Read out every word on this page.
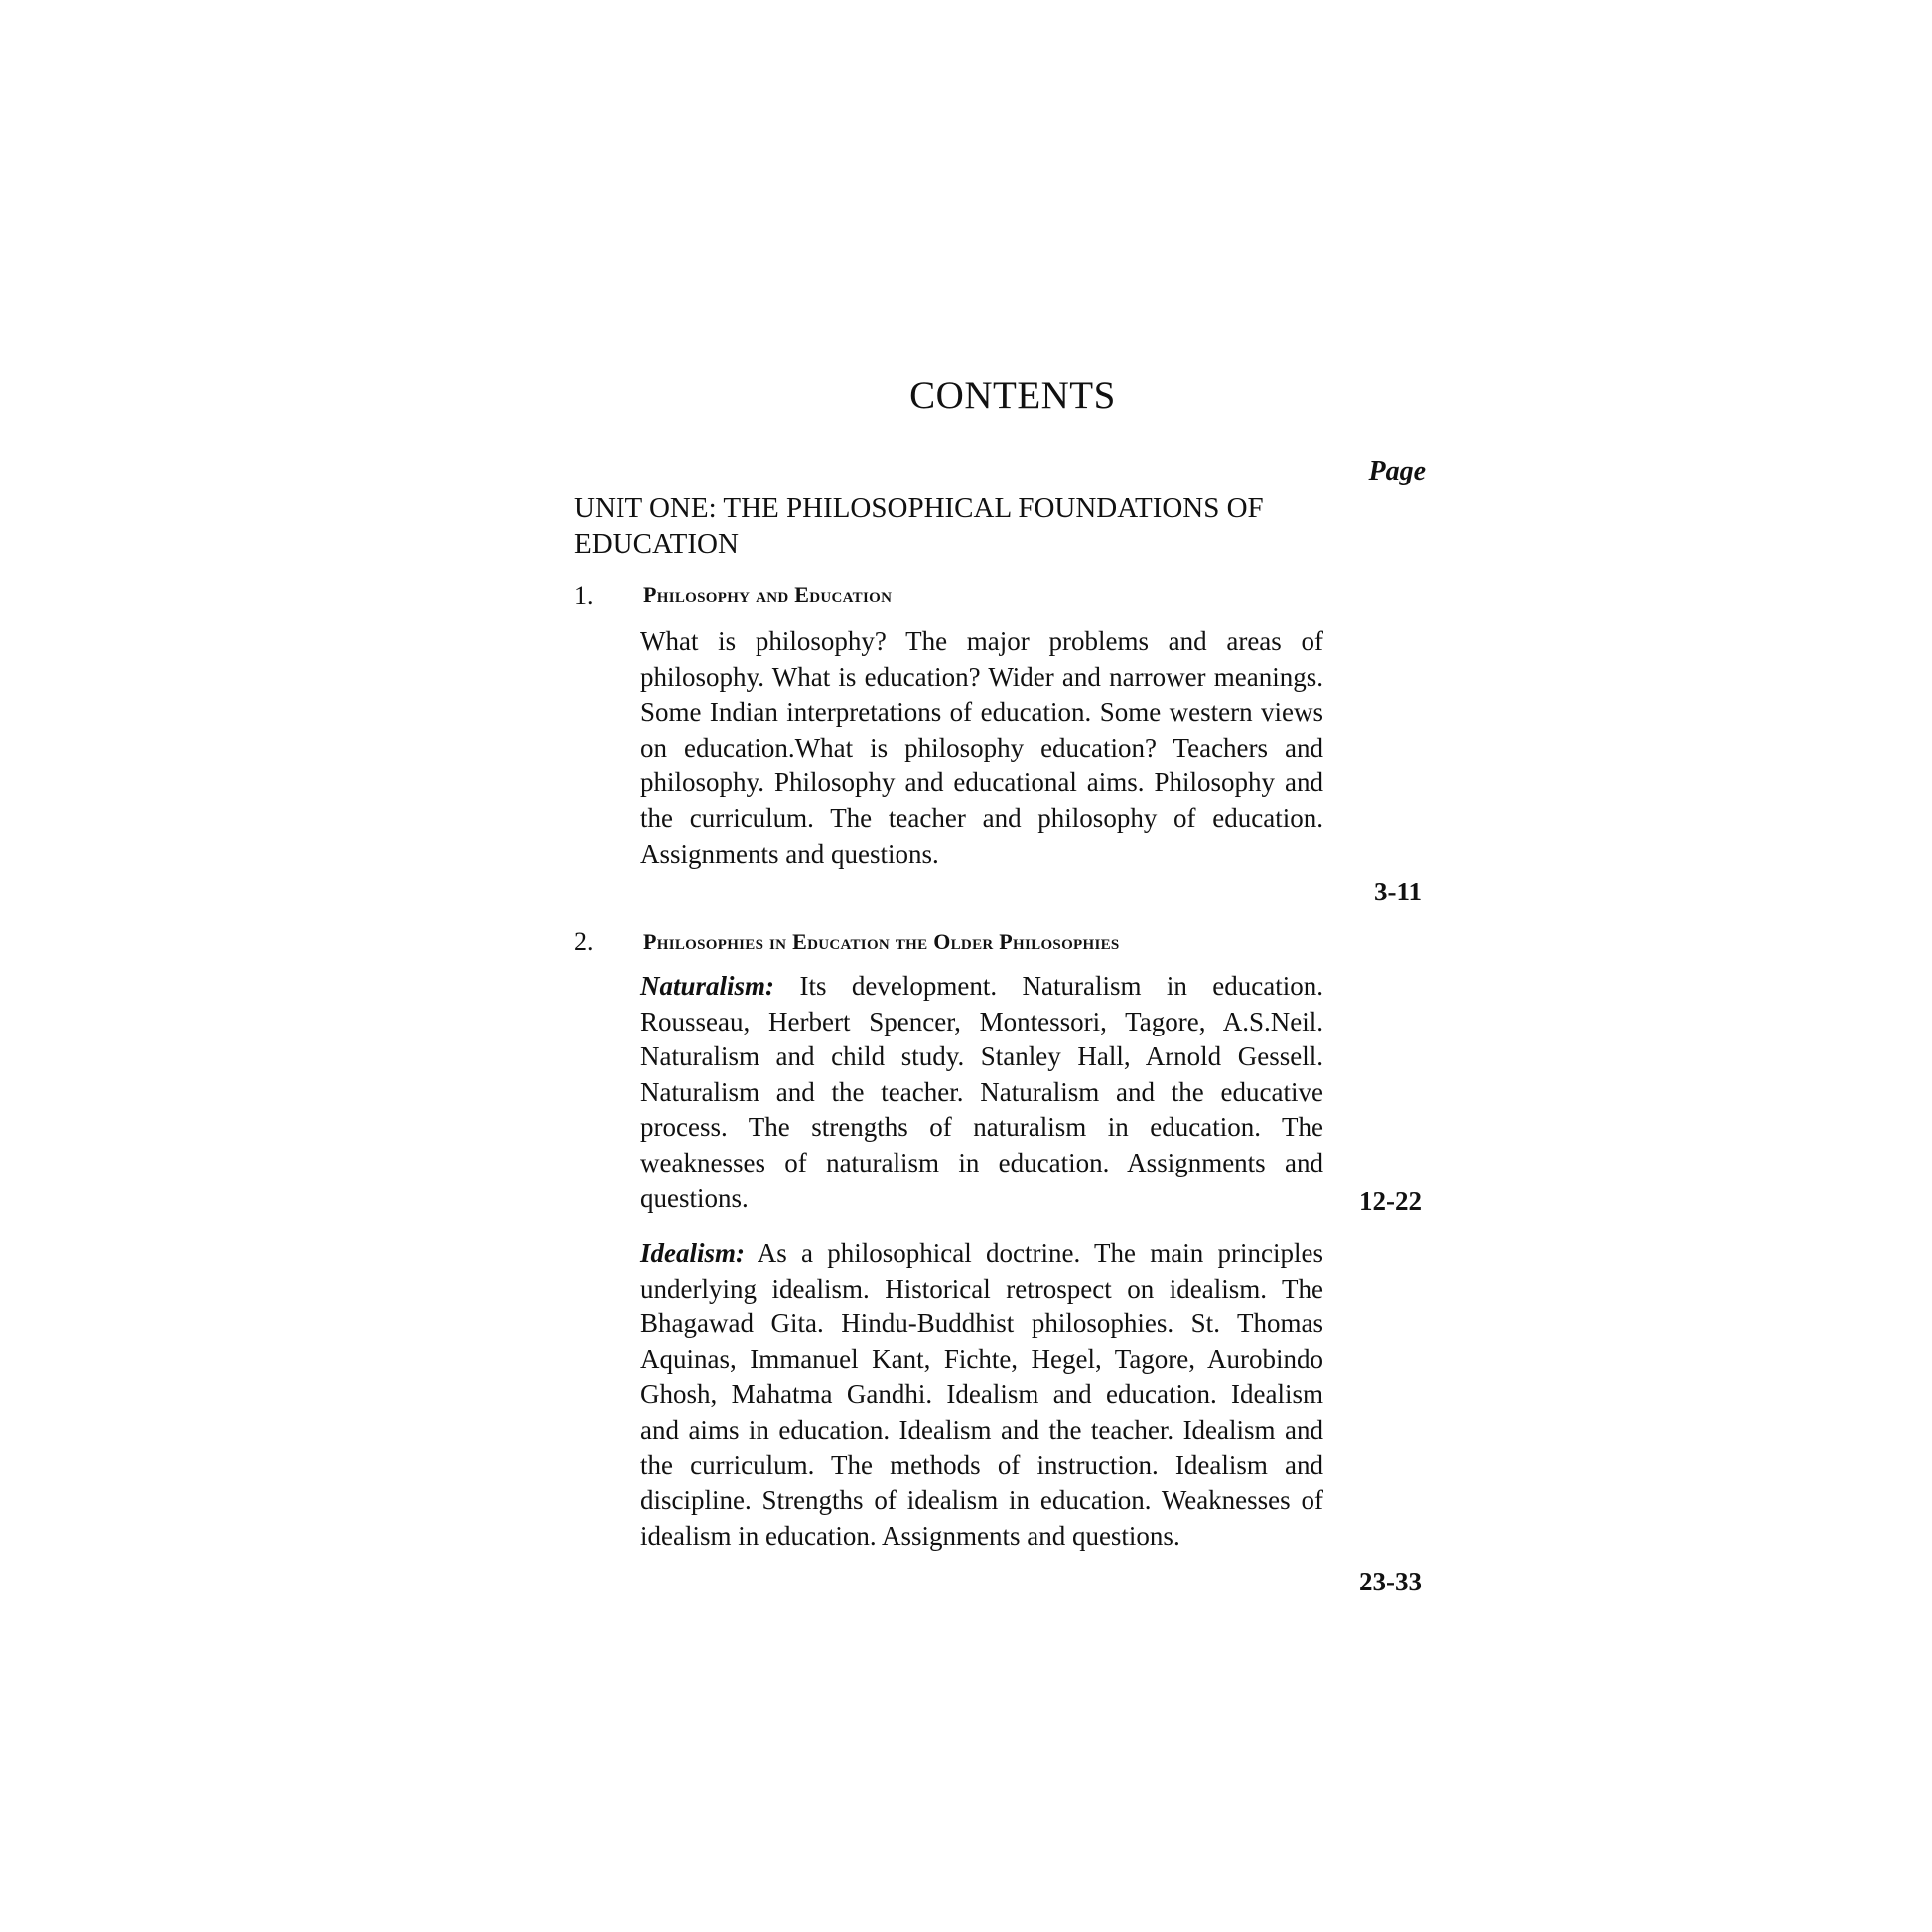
CONTENTS
Page
UNIT ONE: THE PHILOSOPHICAL FOUNDATIONS OF EDUCATION
1. Philosophy and Education

What is philosophy? The major problems and areas of philosophy. What is education? Wider and narrower meanings. Some Indian interpretations of education. Some western views on education.What is philosophy education? Teachers and philosophy. Philosophy and educational aims. Philosophy and the curriculum. The teacher and philosophy of education. Assignments and questions.

3-11
2. Philosophies in Education the Older Philosophies

Naturalism: Its development. Naturalism in education. Rousseau, Herbert Spencer, Montessori, Tagore, A.S.Neil. Naturalism and child study. Stanley Hall, Arnold Gessell. Naturalism and the teacher. Naturalism and the educative process. The strengths of naturalism in education. The weaknesses of naturalism in education. Assignments and questions.	12-22

Idealism: As a philosophical doctrine. The main principles underlying idealism. Historical retrospect on idealism. The Bhagawad Gita. Hindu-Buddhist philosophies. St. Thomas Aquinas, Immanuel Kant, Fichte, Hegel, Tagore, Aurobindo Ghosh, Mahatma Gandhi. Idealism and education. Idealism and aims in education. Idealism and the teacher. Idealism and the curriculum. The methods of instruction. Idealism and discipline. Strengths of idealism in education. Weaknesses of idealism in education. Assignments and questions.

23-33
